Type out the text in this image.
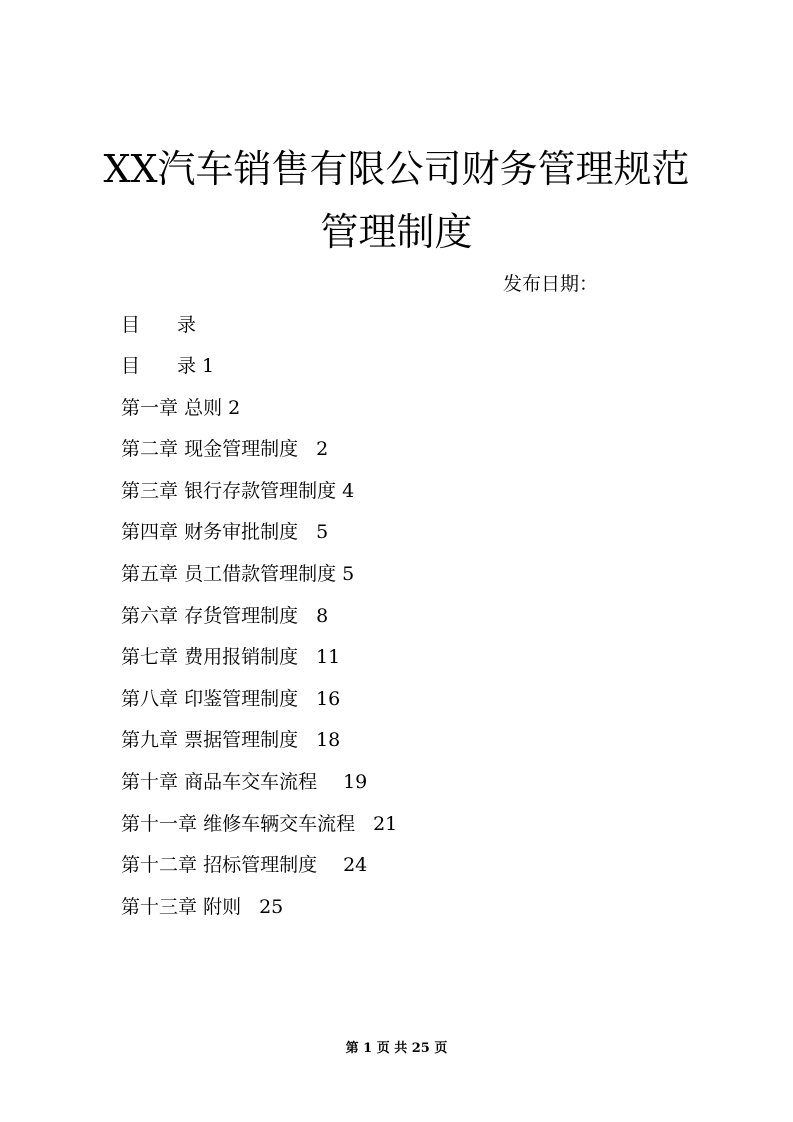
XX汽车销售有限公司财务管理规范
管理制度
发布日期：
目 录
目 录 1
第一章 总则 2
第二章 现金管理制度 2
第三章 银行存款管理制度 4
第四章 财务审批制度 5
第五章 员工借款管理制度 5
第六章 存货管理制度 8
第七章 费用报销制度 11
第八章 印鉴管理制度 16
第九章 票据管理制度 18
第十章 商品车交车流程 19
第十一章 维修车辆交车流程 21
第十二章 招标管理制度 24
第十三章 附则 25
第 1 页 共 25 页
